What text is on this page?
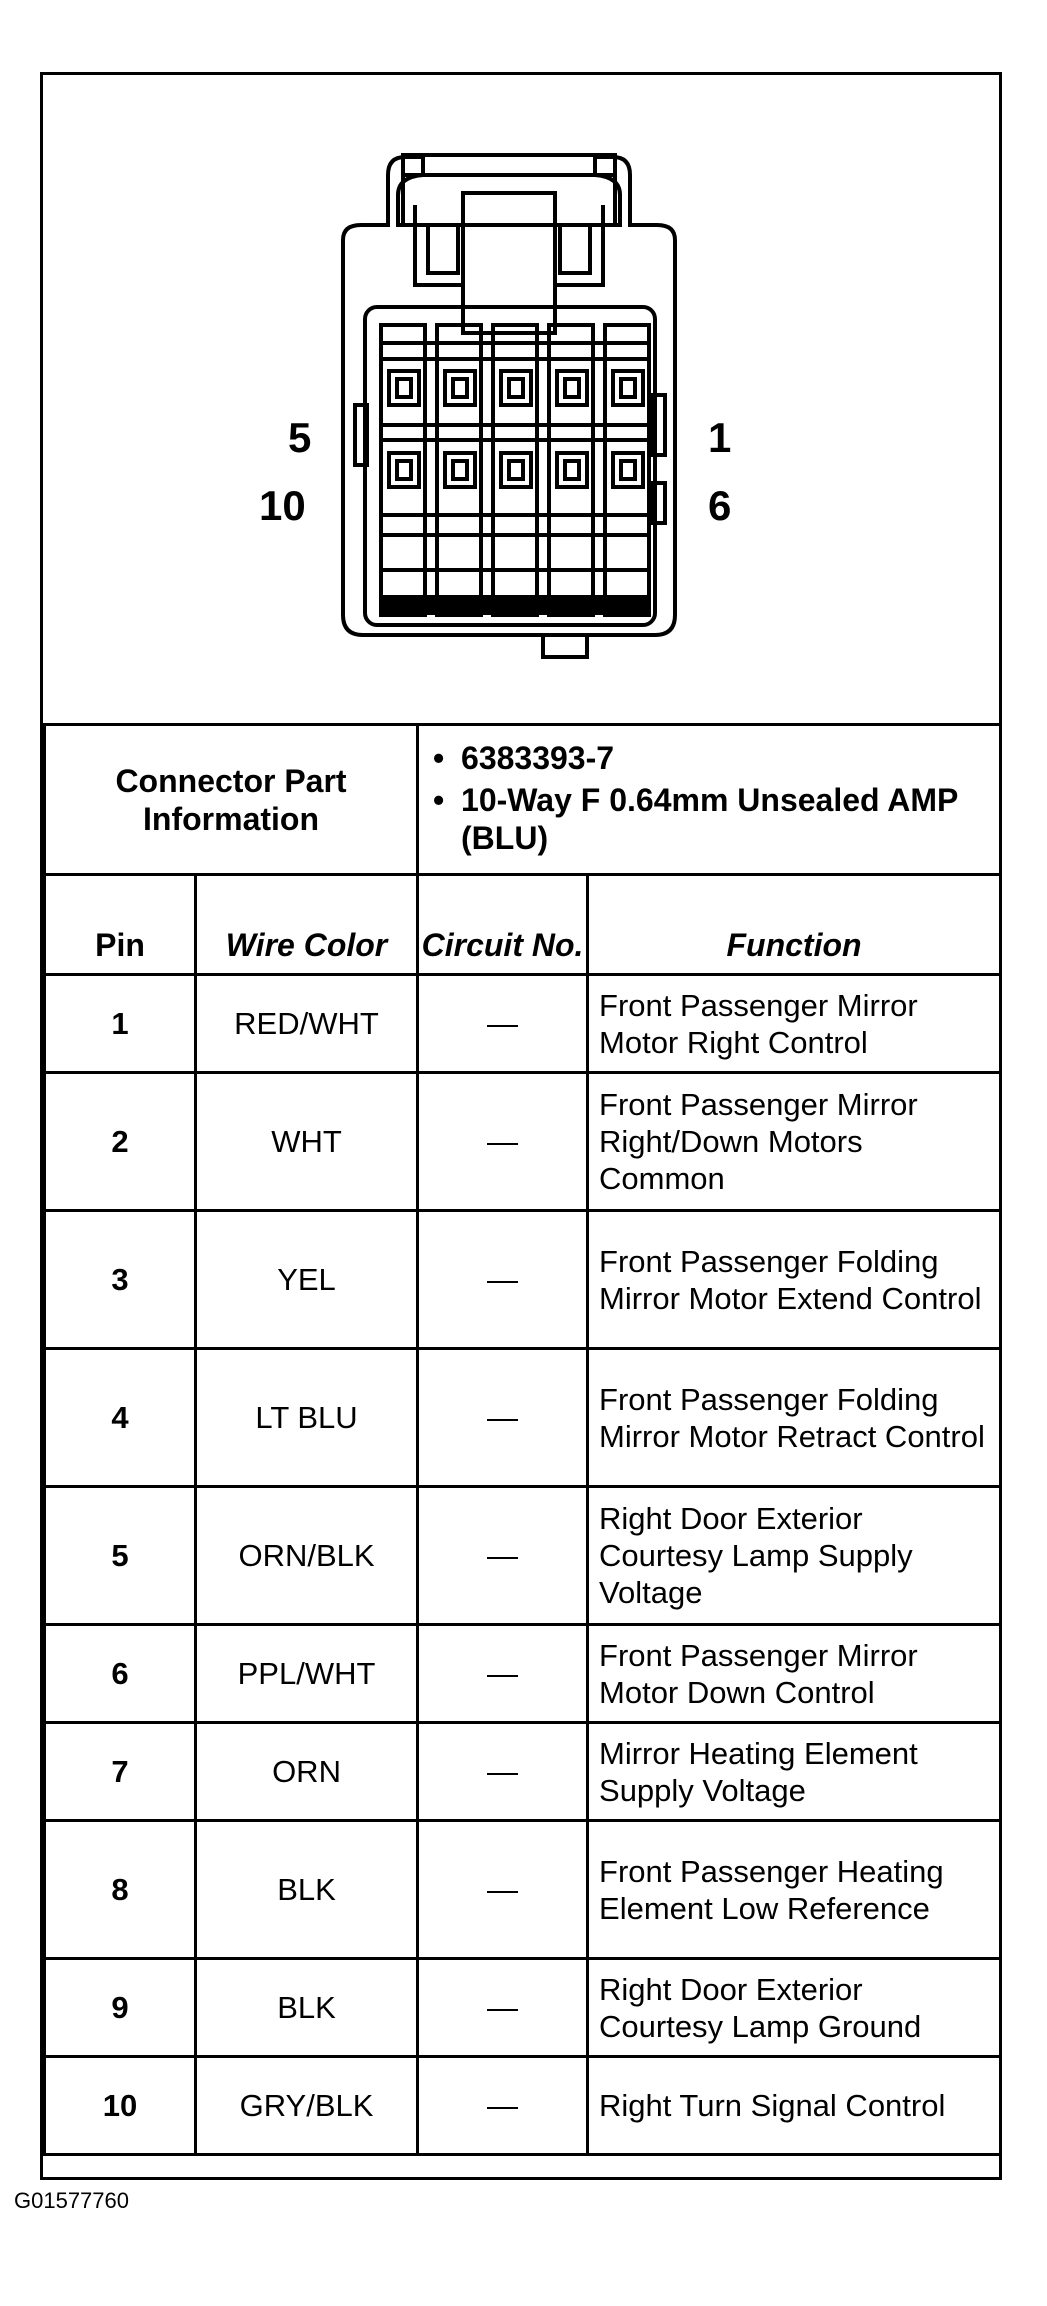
5
10
1
6
Connector Part Information		• 6383393-7
• 10-Way F 0.64mm Unsealed AMP (BLU)	

Pin	Wire Color	Circuit No.	Function
1	RED/WHT	—	Front Passenger Mirror Motor Right Control
2	WHT	—	Front Passenger Mirror Right/Down Motors Common
3	YEL	—	Front Passenger Folding Mirror Motor Extend Control
4	LT BLU	—	Front Passenger Folding Mirror Motor Retract Control
5	ORN/BLK	—	Right Door Exterior Courtesy Lamp Supply Voltage
6	PPL/WHT	—	Front Passenger Mirror Motor Down Control
7	ORN	—	Mirror Heating Element Supply Voltage
8	BLK	—	Front Passenger Heating Element Low Reference
9	BLK	—	Right Door Exterior Courtesy Lamp Ground
10	GRY/BLK	—	Right Turn Signal Control
G01577760
